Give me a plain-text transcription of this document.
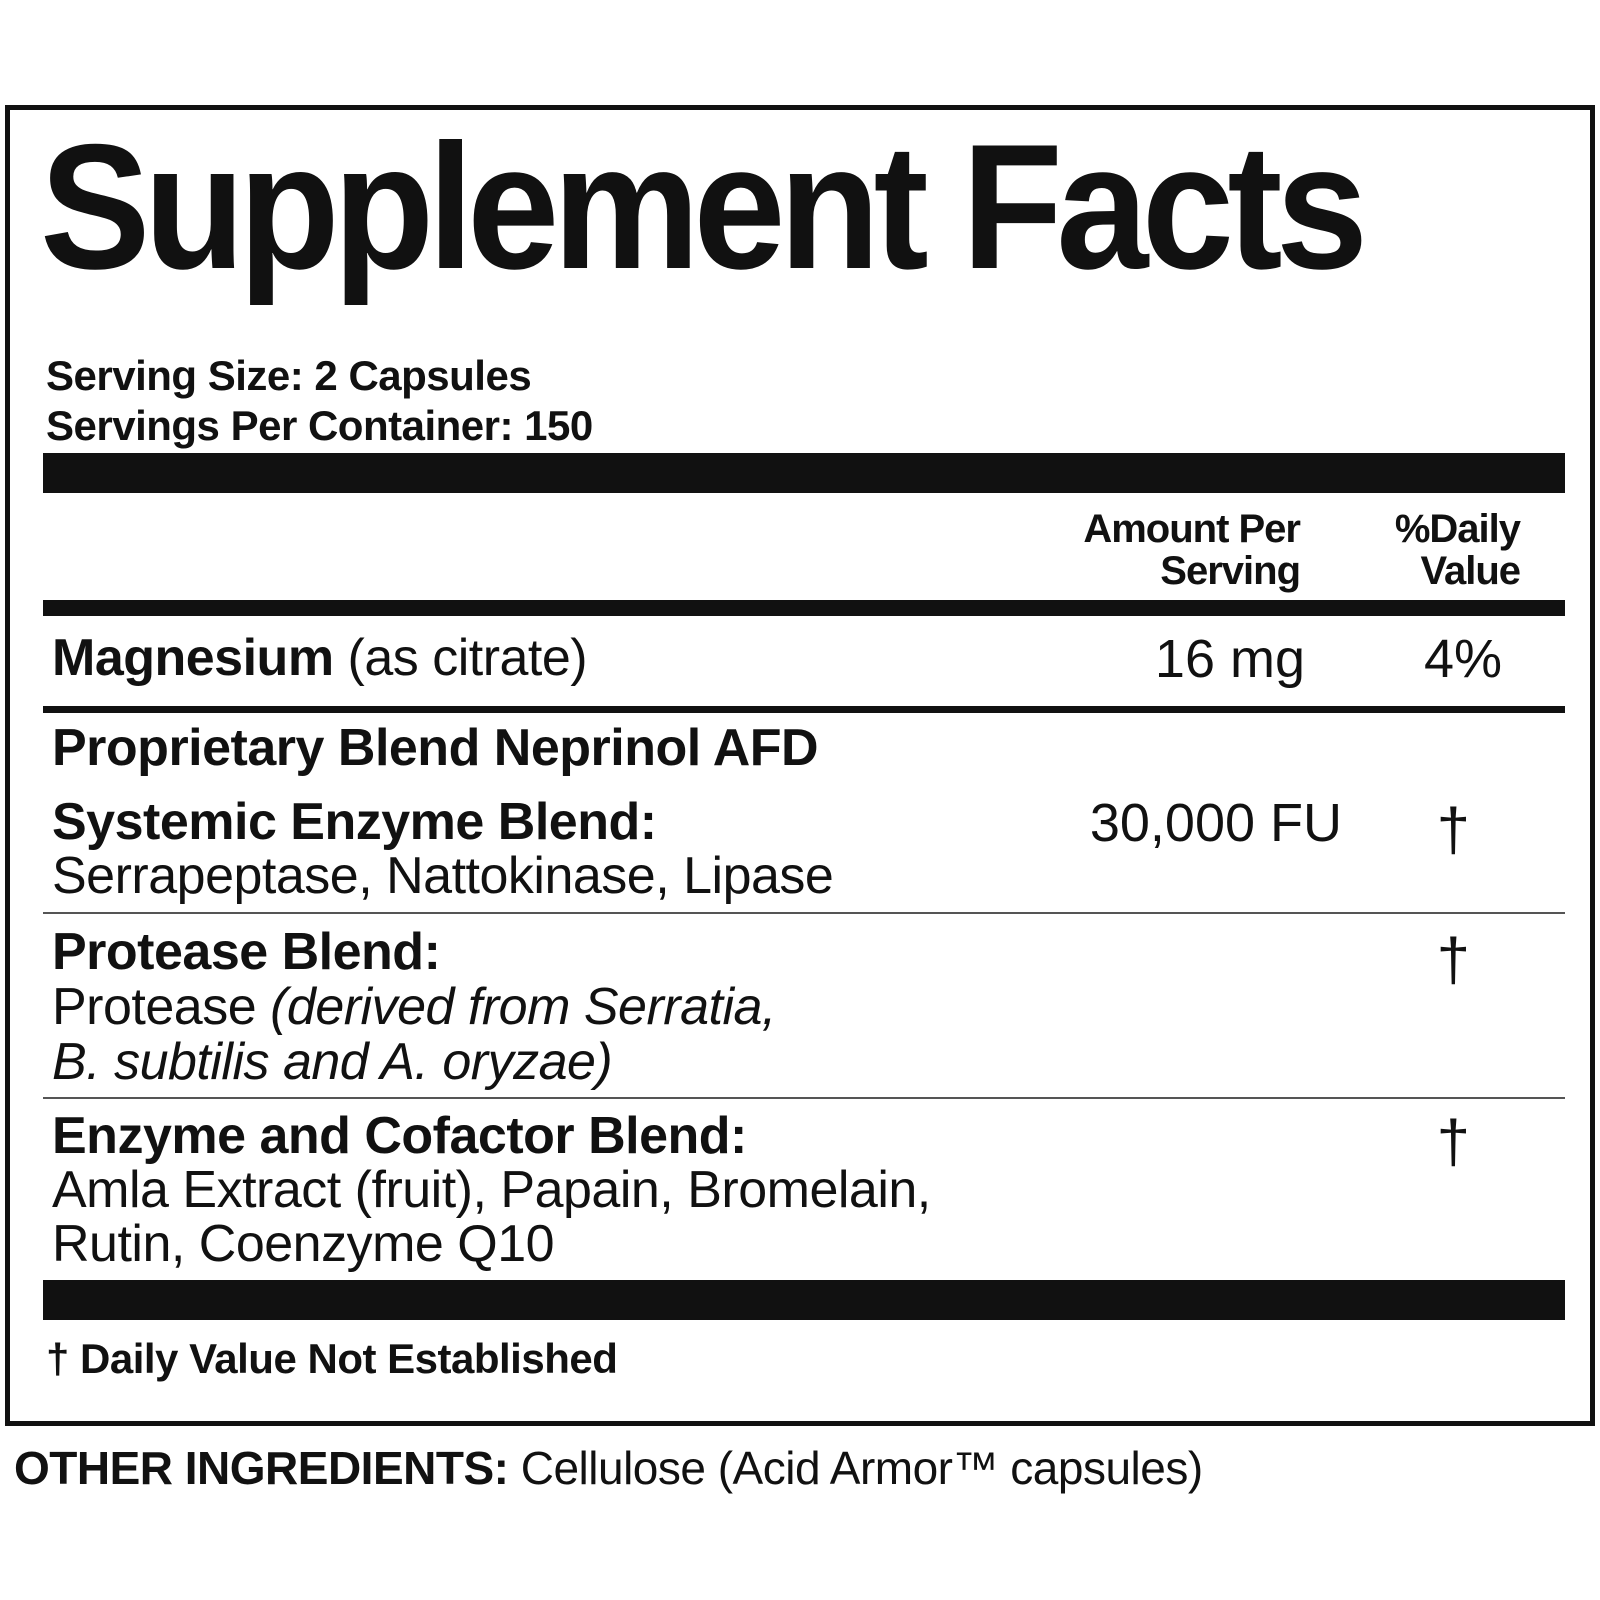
Supplement Facts
Serving Size: 2 Capsules
Servings Per Container: 150
Amount Per
Serving
%Daily
Value
Magnesium (as citrate)	16 mg 4%
Proprietary Blend Neprinol AFD
Systemic Enzyme Blend:
Serrapeptase, Nattokinase, Lipase
30,000 FU †
Protease Blend:
Protease (derived from Serratia,
B. subtilis and A. oryzae)
†
Enzyme and Cofactor Blend:
Amla Extract (fruit), Papain, Bromelain,
Rutin, Coenzyme Q10
†
† Daily Value Not Established
OTHER INGREDIENTS: Cellulose (Acid Armor™ capsules)
